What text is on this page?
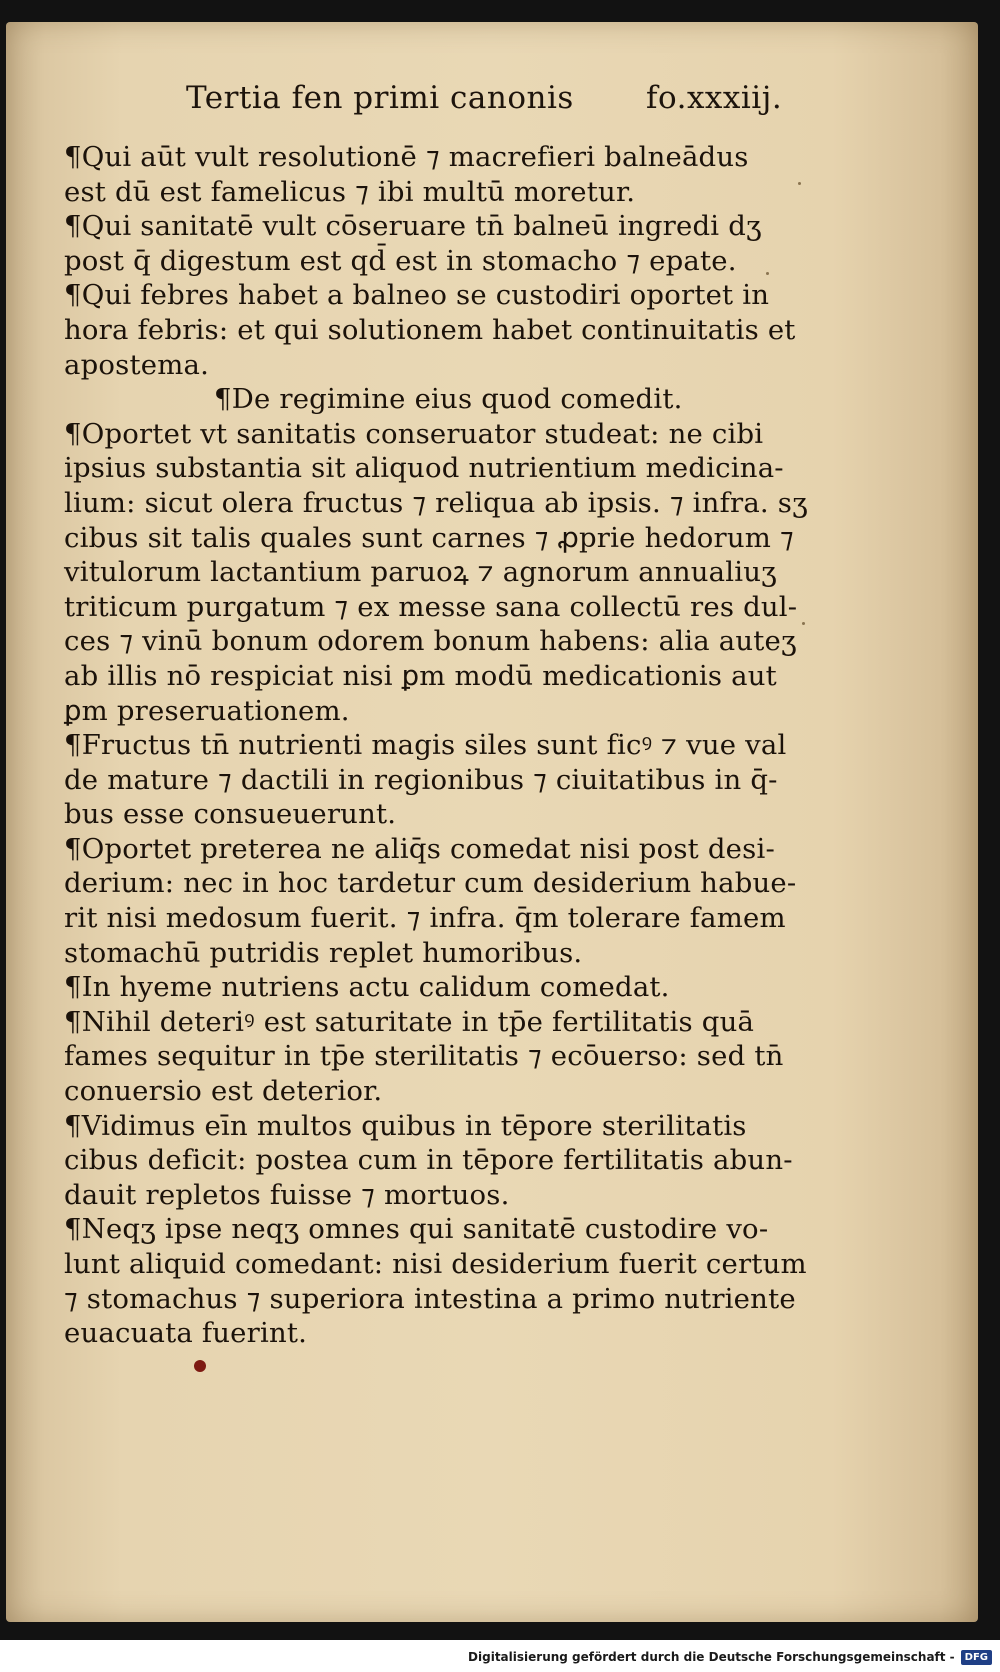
Tertia fen primi canonis fo.xxxiij.
¶Qui aūt vult resolutionē ⁊ macrefieri balneādus
est dū est famelicus ⁊ ibi multū moretur.
¶Qui sanitatē vult cōseruare tn̄ balneū ingredi dʒ
post q̄ digestum est qd̄ est in stomacho ⁊ epate.
¶Qui febres habet a balneo se custodiri oportet in
hora febris: et qui solutionem habet continuitatis et
apostema.
¶De regimine eius quod comedit.
¶Oportet vt sanitatis conseruator studeat: ne cibi
ipsius substantia sit aliquod nutrientium medicina-
lium: sicut olera fructus ⁊ reliqua ab ipsis. ⁊ infra. sʒ
cibus sit talis quales sunt carnes ⁊ ꝓprie hedorum ⁊
vitulorum lactantium paruoꝝ ⁊ agnorum annualiuʒ
triticum purgatum ⁊ ex messe sana collectū res dul-
ces ⁊ vinū bonum odorem bonum habens: alia auteʒ
ab illis nō respiciat nisi ꝑm modū medicationis aut
ꝑm preseruationem.
¶Fructus tn̄ nutrienti magis siles sunt ficꝰ ⁊ vue val
de mature ⁊ dactili in regionibus ⁊ ciuitatibus in q̄-
bus esse consueuerunt.
¶Oportet preterea ne aliq̄s comedat nisi post desi-
derium: nec in hoc tardetur cum desiderium habue-
rit nisi medosum fuerit. ⁊ infra. q̄m tolerare famem
stomachū putridis replet humoribus.
¶In hyeme nutriens actu calidum comedat.
¶Nihil deteriꝰ est saturitate in tp̄e fertilitatis quā
fames sequitur in tp̄e sterilitatis ⁊ ecōuerso: sed tn̄
conuersio est deterior.
¶Vidimus eīn multos quibus in tēpore sterilitatis
cibus deficit: postea cum in tēpore fertilitatis abun-
dauit repletos fuisse ⁊ mortuos.
¶Neqʒ ipse neqʒ omnes qui sanitatē custodire vo-
lunt aliquid comedant: nisi desiderium fuerit certum
⁊ stomachus ⁊ superiora intestina a primo nutriente
euacuata fuerint.
Digitalisierung gefördert durch die Deutsche Forschungsgemeinschaft -	DFG
